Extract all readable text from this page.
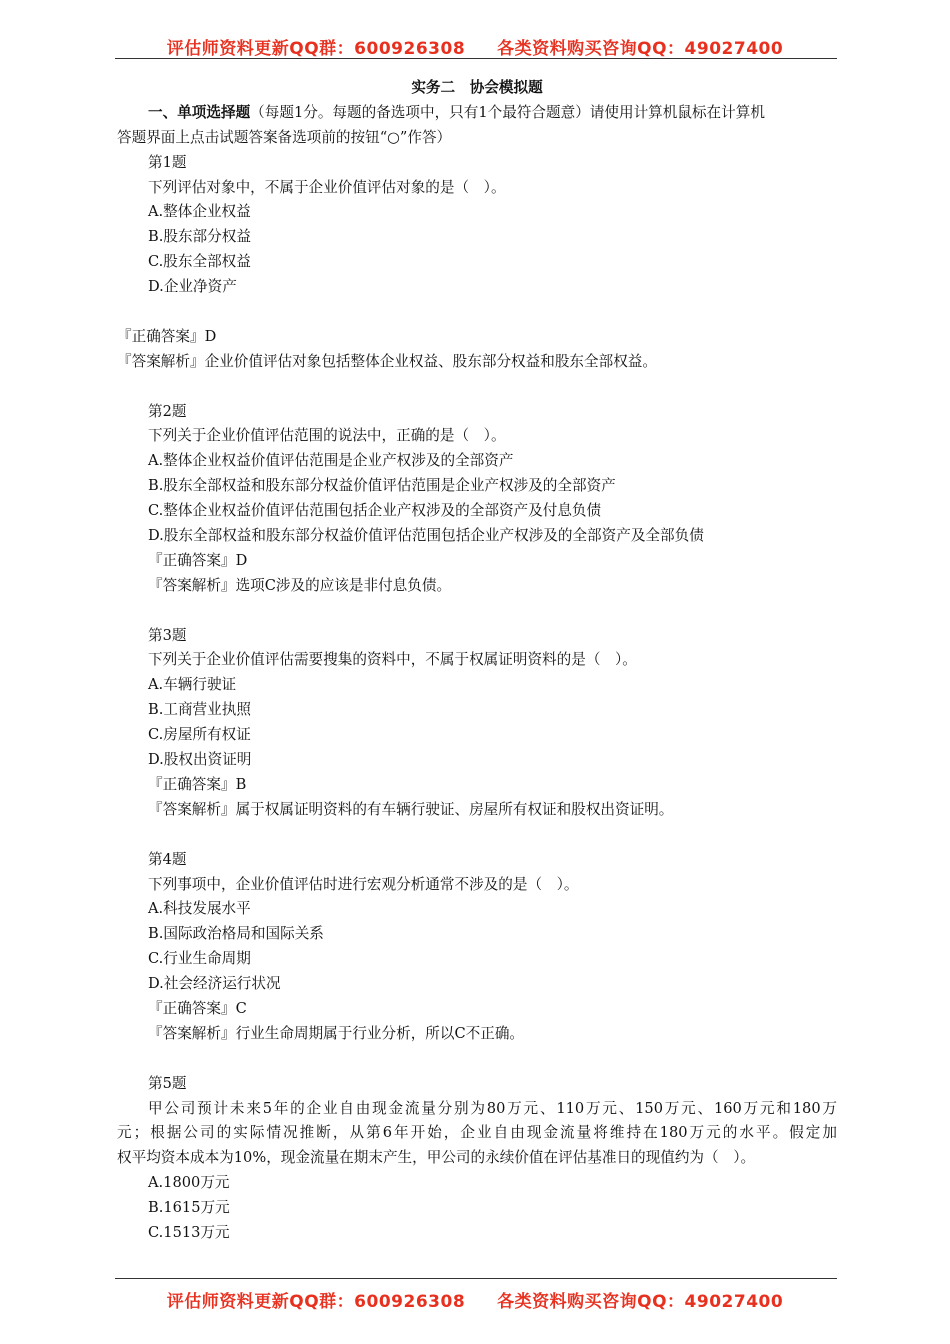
评估师资料更新QQ群：600926308 各类资料购买咨询QQ：49027400
实务二　协会模拟题
一、单项选择题（每题1分。每题的备选项中，只有1个最符合题意）请使用计算机鼠标在计算机
答题界面上点击试题答案备选项前的按钮“○”作答）
第1题
下列评估对象中，不属于企业价值评估对象的是（　）。
A.整体企业权益
B.股东部分权益
C.股东全部权益
D.企业净资产
『正确答案』D
『答案解析』企业价值评估对象包括整体企业权益、股东部分权益和股东全部权益。
第2题
下列关于企业价值评估范围的说法中，正确的是（　）。
A.整体企业权益价值评估范围是企业产权涉及的全部资产
B.股东全部权益和股东部分权益价值评估范围是企业产权涉及的全部资产
C.整体企业权益价值评估范围包括企业产权涉及的全部资产及付息负债
D.股东全部权益和股东部分权益价值评估范围包括企业产权涉及的全部资产及全部负债
『正确答案』D
『答案解析』选项C涉及的应该是非付息负债。
第3题
下列关于企业价值评估需要搜集的资料中，不属于权属证明资料的是（　）。
A.车辆行驶证
B.工商营业执照
C.房屋所有权证
D.股权出资证明
『正确答案』B
『答案解析』属于权属证明资料的有车辆行驶证、房屋所有权证和股权出资证明。
第4题
下列事项中，企业价值评估时进行宏观分析通常不涉及的是（　）。
A.科技发展水平
B.国际政治格局和国际关系
C.行业生命周期
D.社会经济运行状况
『正确答案』C
『答案解析』行业生命周期属于行业分析，所以C不正确。
第5题
甲公司预计未来5年的企业自由现金流量分别为80万元、110万元、150万元、160万元和180万
元；根据公司的实际情况推断，从第6年开始，企业自由现金流量将维持在180万元的水平。假定加
权平均资本成本为10%，现金流量在期末产生，甲公司的永续价值在评估基准日的现值约为（　）。
A.1800万元
B.1615万元
C.1513万元
评估师资料更新QQ群：600926308 各类资料购买咨询QQ：49027400
